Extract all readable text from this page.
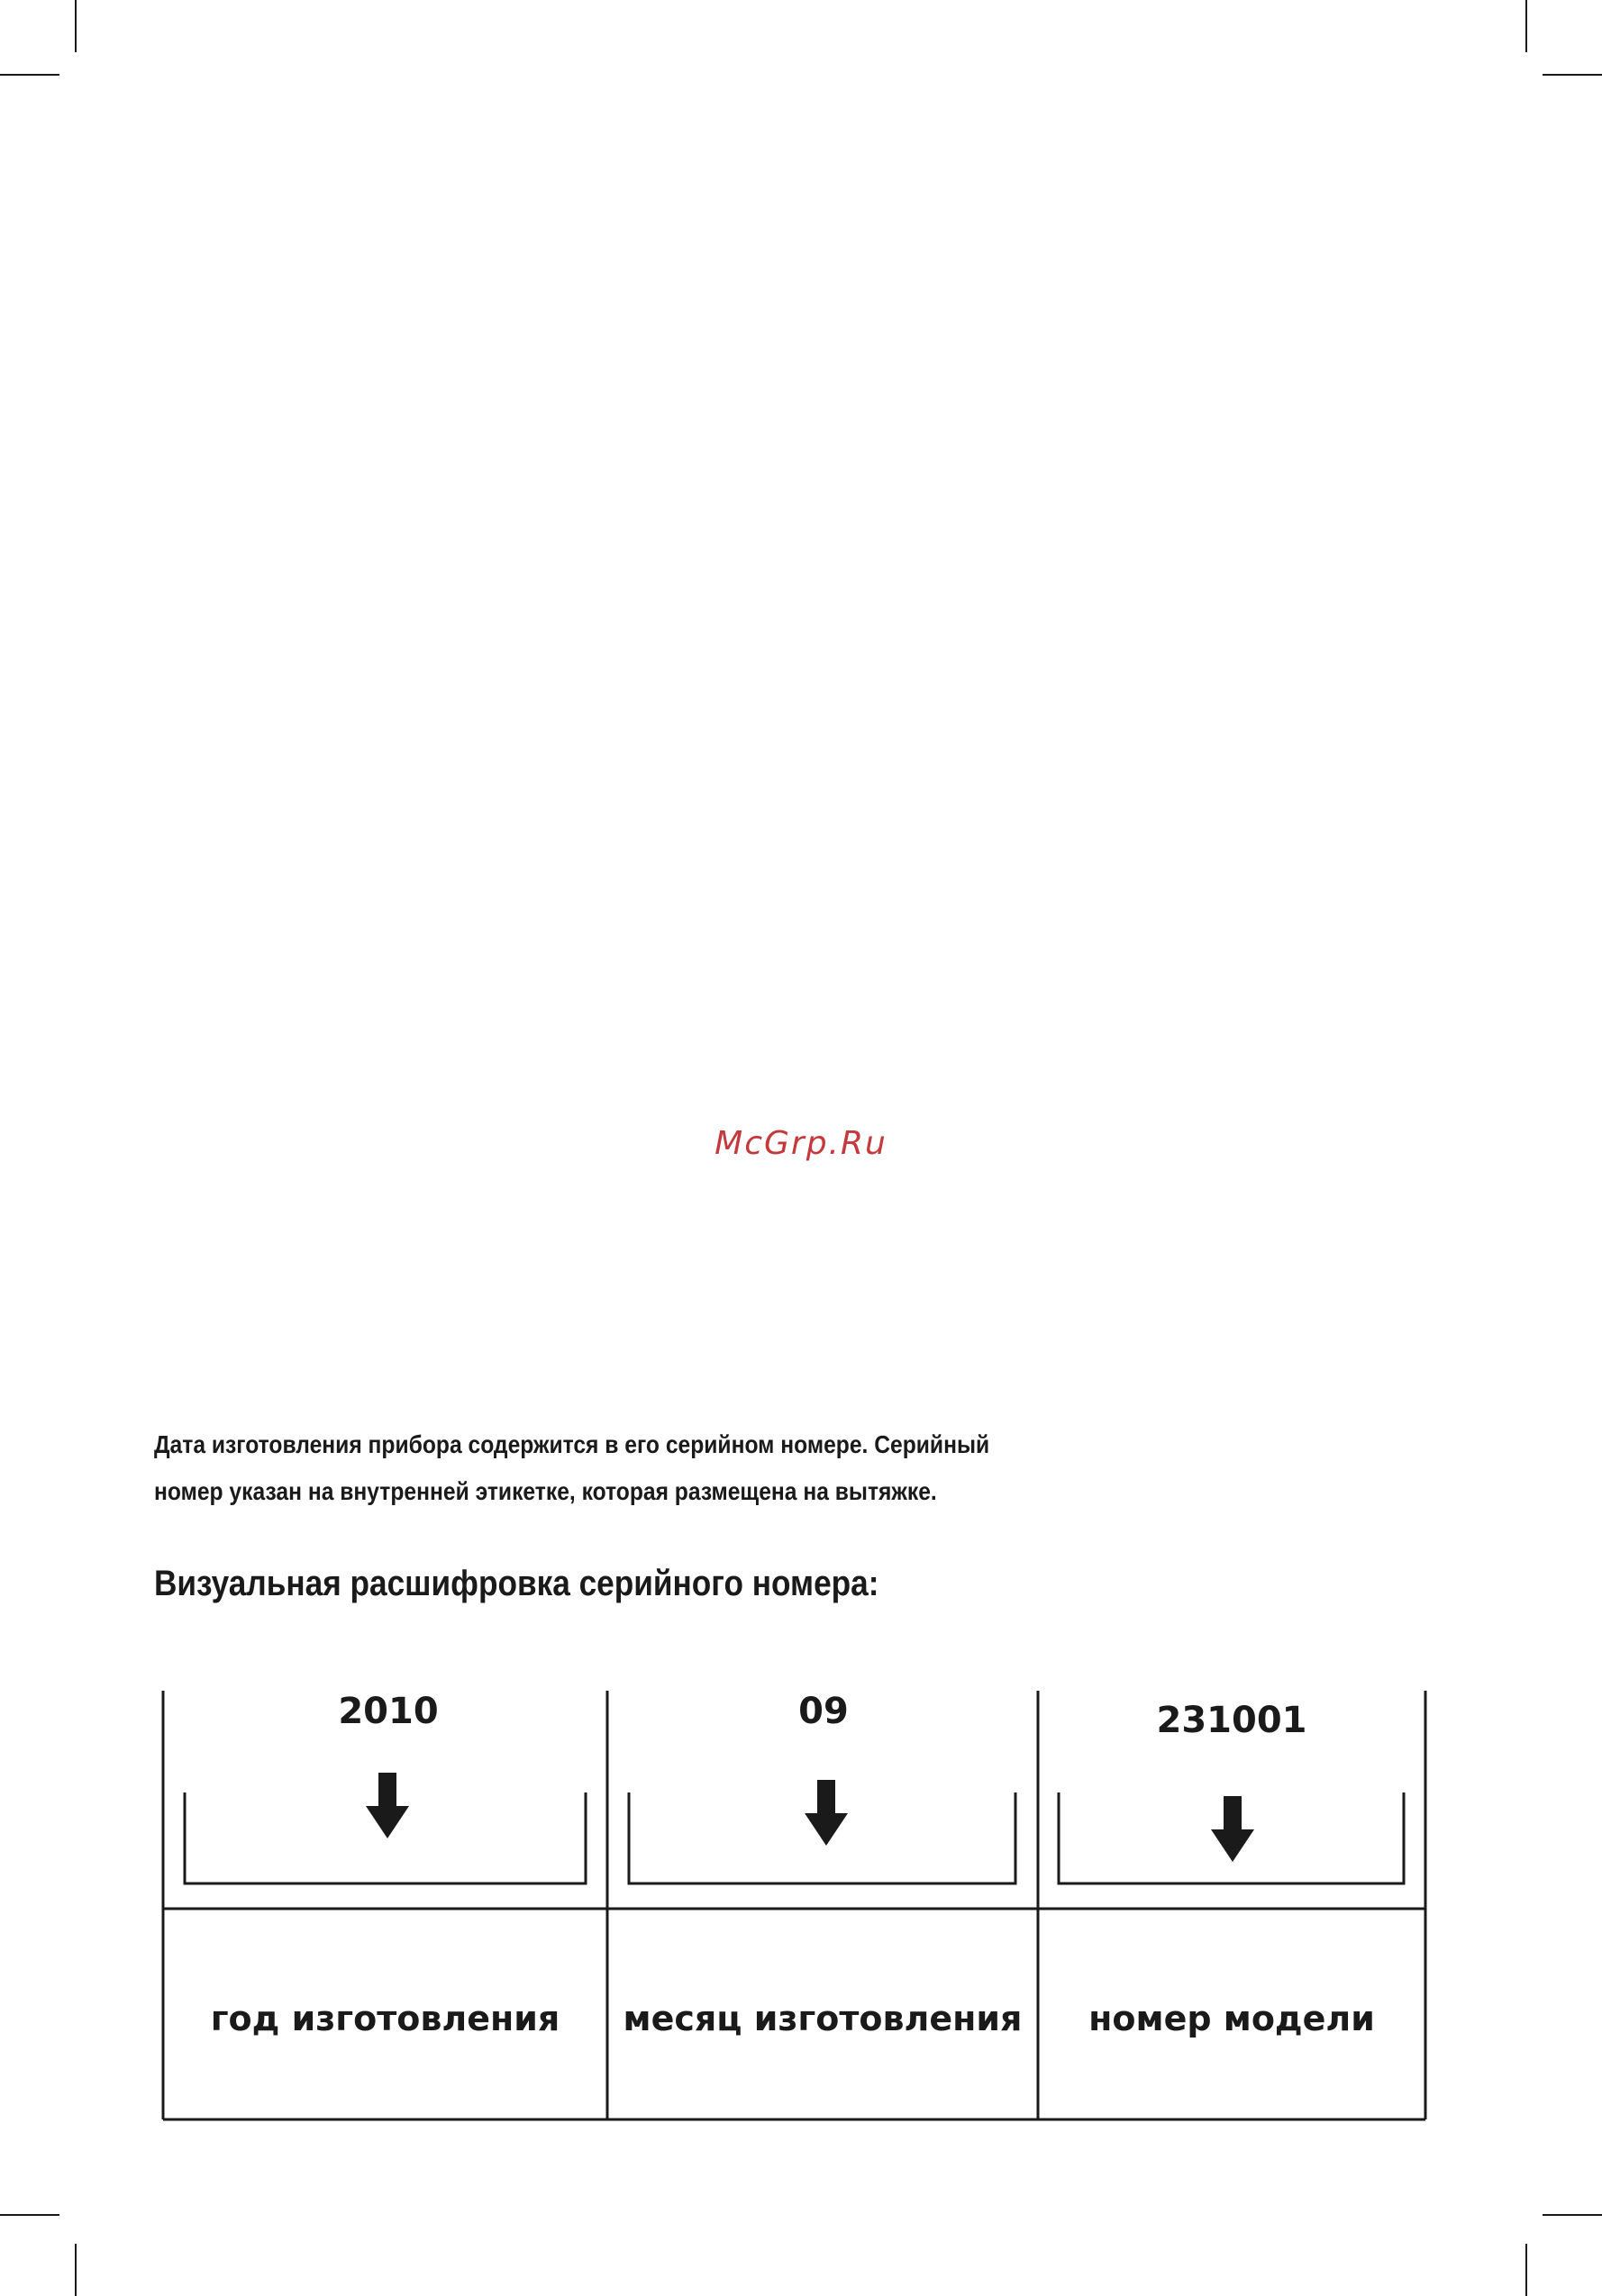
McGrp.Ru
Дата изготовления прибора содержится в его серийном номере. Серийный
номер указан на внутренней этикетке, которая размещена на вытяжке.
Визуальная расшифровка серийного номера:
2010	09	231001
год изготовления	месяц изготовления	номер модели
